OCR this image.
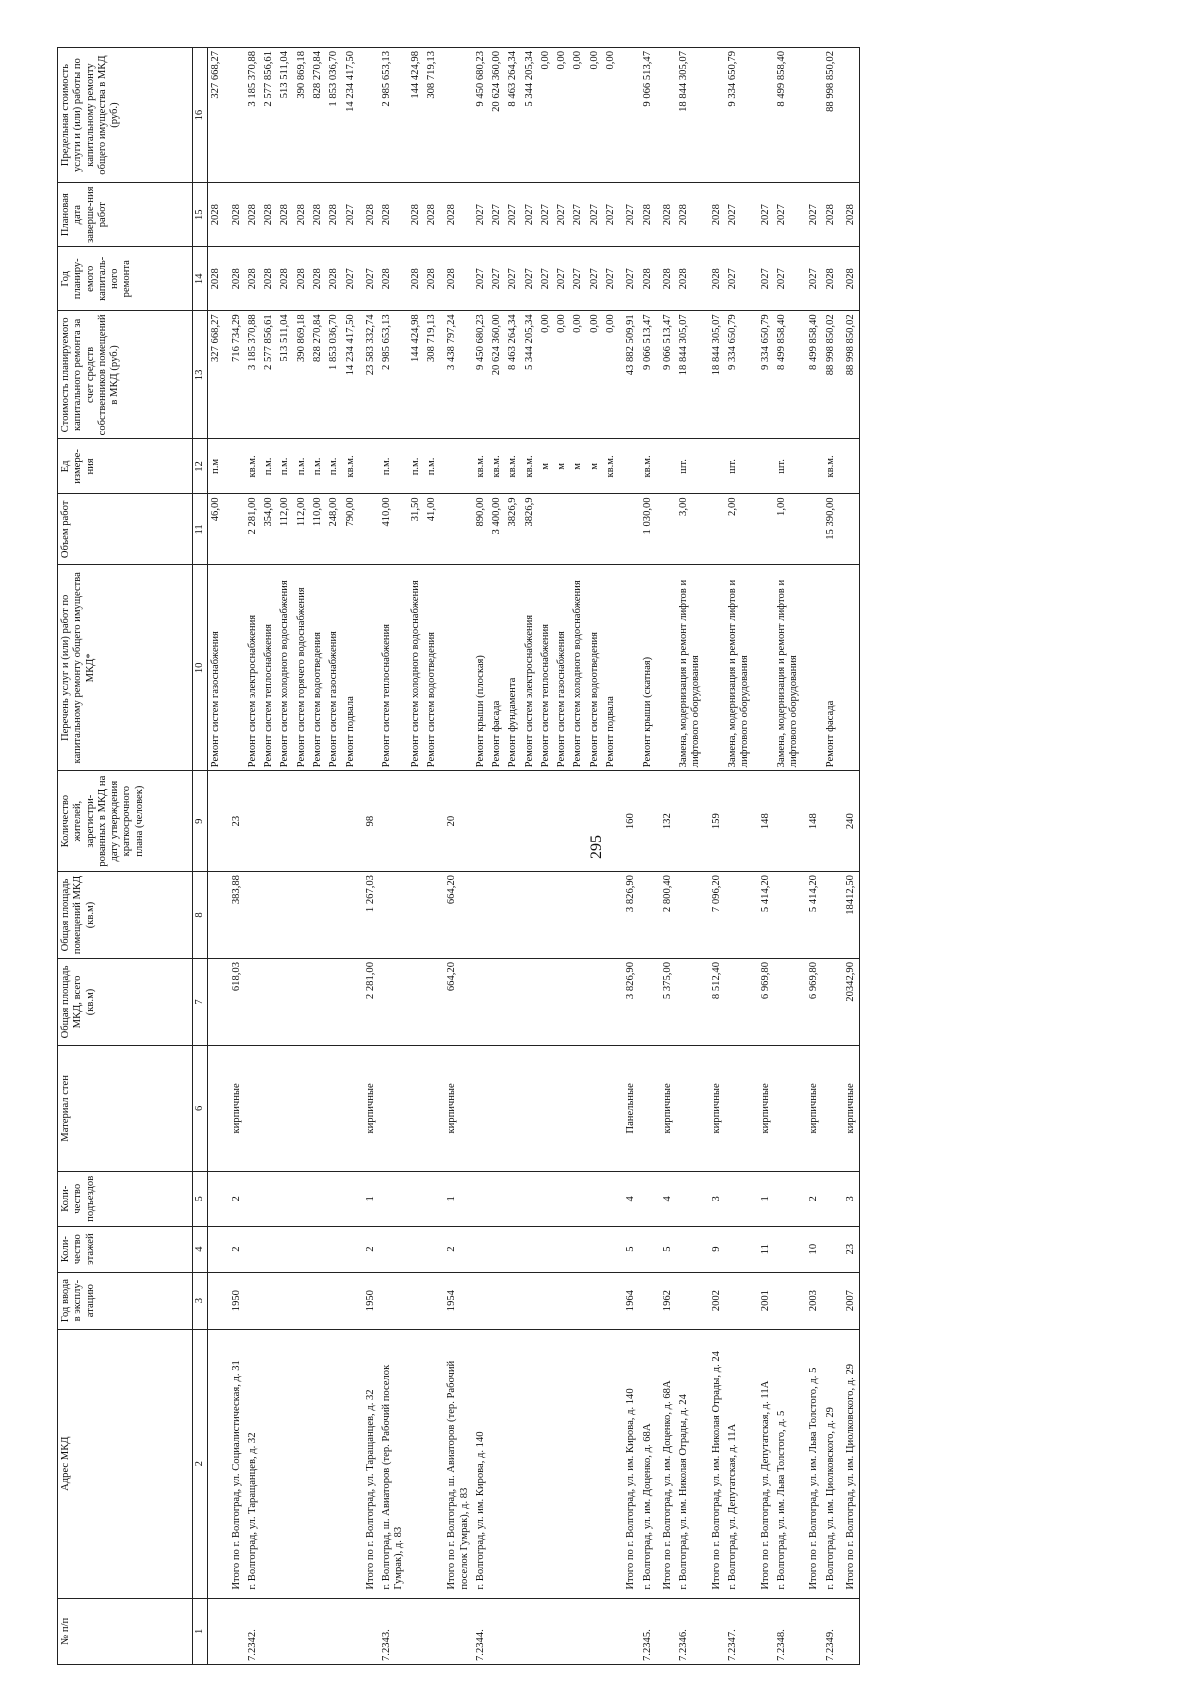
295
№ п/п	Адрес МКД	Год ввода в эксплу-атацию	Коли-чество этажей	Коли-чество подъездов	Материал стен	Общая площадь МКД, всего (кв.м)	Общая площадь помещений МКД (кв.м)	Количество жителей, зарегистри-рованных в МКД на дату утверждения краткосрочного плана (человек)	Перечень услуг и (или) работ по капитальному ремонту общего имущества МКД*	Объем работ	Ед измере-ния	Стоимость планируемого капитального ремонта за счет средств собственников помещений в МКД (руб.)	Год планиру-емого капиталь-ного ремонта	Плановая дата заверше-ния работ	Предельная стоимость услуги и (или) работы по капитальному ремонту общего имущества в МКД (руб.)
1	2	3	4	5	6	7	8	9	10	11	12	13	14	15	16
									Ремонт систем газоснабжения	46,00	п.м	327 668,27	2028	2028	327 668,27
	Итого по г. Волгоград, ул. Социалистическая, д. 31	1950	2	2	кирпичные	618,03	383,88	23				716 734,29	2028	2028	
7.2342.	г. Волгоград, ул. Таращанцев, д. 32								Ремонт систем электроснабжения	2 281,00	кв.м.	3 185 370,88	2028	2028	3 185 370,88
									Ремонт систем теплоснабжения	354,00	п.м.	2 577 856,61	2028	2028	2 577 856,61
									Ремонт систем холодного водоснабжения	112,00	п.м.	513 511,04	2028	2028	513 511,04
									Ремонт систем горячего водоснабжения	112,00	п.м.	390 869,18	2028	2028	390 869,18
									Ремонт систем водоотведения	110,00	п.м.	828 270,84	2028	2028	828 270,84
									Ремонт систем газоснабжения	248,00	п.м.	1 853 036,70	2028	2028	1 853 036,70
									Ремонт подвала	790,00	кв.м.	14 234 417,50	2027	2027	14 234 417,50
	Итого по г. Волгоград, ул. Таращанцев, д. 32	1950	2	1	кирпичные	2 281,00	1 267,03	98				23 583 332,74	2027	2028	
7.2343.	г. Волгоград, ш. Авиаторов (тер. Рабочий поселок Гумрак), д. 83								Ремонт систем теплоснабжения	410,00	п.м.	2 985 653,13	2028	2028	2 985 653,13
									Ремонт систем холодного водоснабжения	31,50	п.м.	144 424,98	2028	2028	144 424,98
									Ремонт систем водоотведения	41,00	п.м.	308 719,13	2028	2028	308 719,13
	Итого по г. Волгоград, ш. Авиаторов (тер. Рабочий поселок Гумрак), д. 83	1954	2	1	кирпичные	664,20	664,20	20				3 438 797,24	2028	2028	
7.2344.	г. Волгоград, ул. им. Кирова, д. 140								Ремонт крыши (плоская)	890,00	кв.м.	9 450 680,23	2027	2027	9 450 680,23
									Ремонт фасада	3 400,00	кв.м.	20 624 360,00	2027	2027	20 624 360,00
									Ремонт фундамента	3826,9	кв.м.	8 463 264,34	2027	2027	8 463 264,34
									Ремонт систем электроснабжения	3826,9	кв.м.	5 344 205,34	2027	2027	5 344 205,34
									Ремонт систем теплоснабжения		м	0,00	2027	2027	0,00
									Ремонт систем газоснабжения		м	0,00	2027	2027	0,00
									Ремонт систем холодного водоснабжения		м	0,00	2027	2027	0,00
									Ремонт систем водоотведения		м	0,00	2027	2027	0,00
									Ремонт подвала		кв.м.	0,00	2027	2027	0,00
	Итого по г. Волгоград, ул. им. Кирова, д. 140	1964	5	4	Панельные	3 826,90	3 826,90	160				43 882 509,91	2027	2027	
7.2345.	г. Волгоград, ул. им. Доценко, д. 68А								Ремонт крыши (скатная)	1 030,00	кв.м.	9 066 513,47	2028	2028	9 066 513,47
	Итого по г. Волгоград, ул. им. Доценко, д. 68А	1962	5	4	кирпичные	5 375,00	2 800,40	132				9 066 513,47	2028	2028	
7.2346.	г. Волгоград, ул. им. Николая Отрады, д. 24								Замена, модернизация и ремонт лифтов и лифтового оборудования	3,00	шт.	18 844 305,07	2028	2028	18 844 305,07
	Итого по г. Волгоград, ул. им. Николая Отрады, д. 24	2002	9	3	кирпичные	8 512,40	7 096,20	159				18 844 305,07	2028	2028	
7.2347.	г. Волгоград, ул. Депутатская, д. 11А								Замена, модернизация и ремонт лифтов и лифтового оборудования	2,00	шт.	9 334 650,79	2027	2027	9 334 650,79
	Итого по г. Волгоград, ул. Депутатская, д. 11А	2001	11	1	кирпичные	6 969,80	5 414,20	148				9 334 650,79	2027	2027	
7.2348.	г. Волгоград, ул. им. Льва Толстого, д. 5								Замена, модернизация и ремонт лифтов и лифтового оборудования	1,00	шт.	8 499 858,40	2027	2027	8 499 858,40
	Итого по г. Волгоград, ул. им. Льва Толстого, д. 5	2003	10	2	кирпичные	6 969,80	5 414,20	148				8 499 858,40	2027	2027	
7.2349.	г. Волгоград, ул. им. Циолковского, д. 29								Ремонт фасада	15 390,00	кв.м.	88 998 850,02	2028	2028	88 998 850,02
	Итого по г. Волгоград, ул. им. Циолковского, д. 29	2007	23	3	кирпичные	20342,90	18412,50	240				88 998 850,02	2028	2028	
